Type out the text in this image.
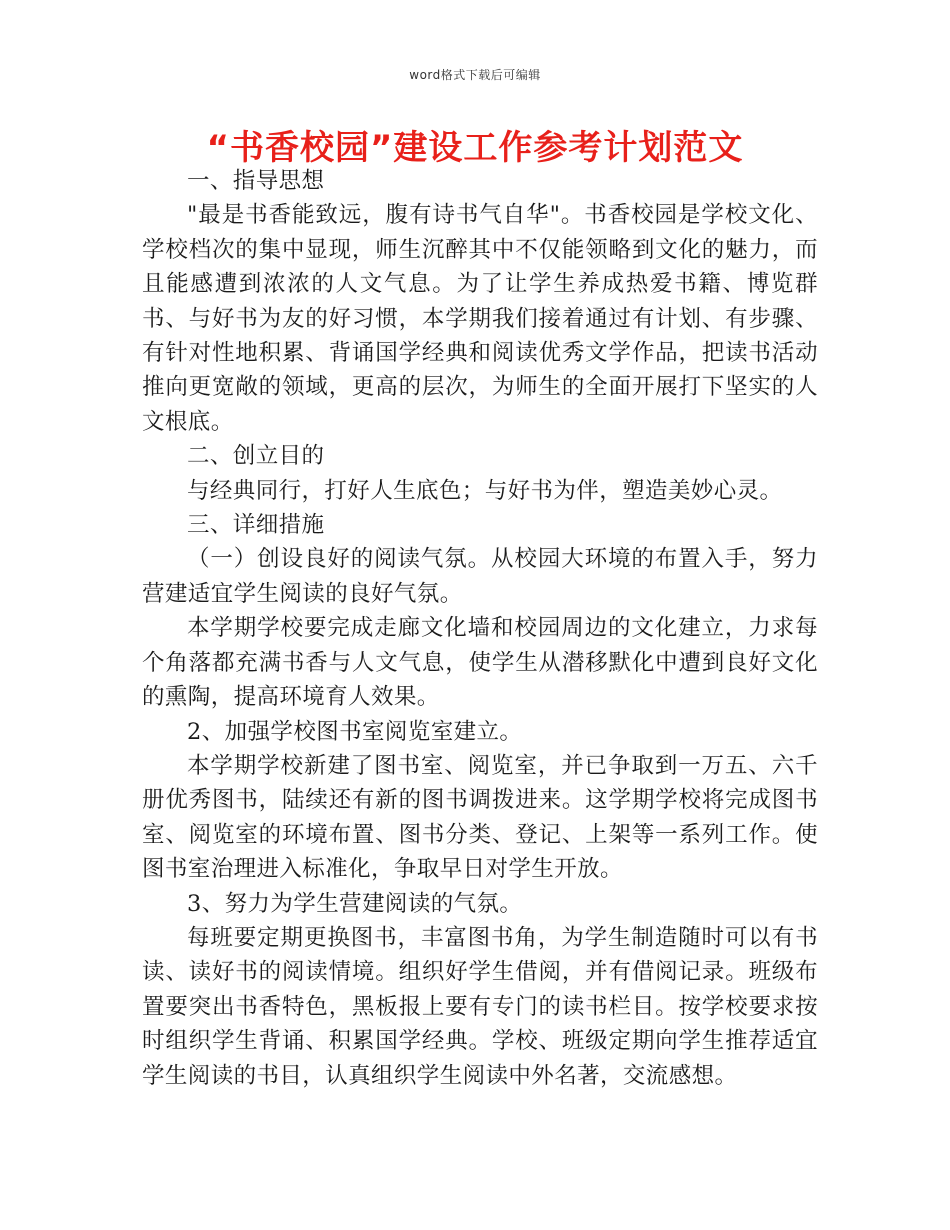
word格式下载后可编辑
“书香校园”建设工作参考计划范文

一、指导思想

"最是书香能致远，腹有诗书气自华"。书香校园是学校文化、学校档次的集中显现，师生沉醉其中不仅能领略到文化的魅力，而且能感遭到浓浓的人文气息。为了让学生养成热爱书籍、博览群书、与好书为友的好习惯，本学期我们接着通过有计划、有步骤、有针对性地积累、背诵国学经典和阅读优秀文学作品，把读书活动推向更宽敞的领域，更高的层次，为师生的全面开展打下坚实的人文根底。

二、创立目的

与经典同行，打好人生底色；与好书为伴，塑造美妙心灵。

三、详细措施

（一）创设良好的阅读气氛。从校园大环境的布置入手，努力营建适宜学生阅读的良好气氛。

本学期学校要完成走廊文化墙和校园周边的文化建立，力求每个角落都充满书香与人文气息，使学生从潜移默化中遭到良好文化的熏陶，提高环境育人效果。

2、加强学校图书室阅览室建立。

本学期学校新建了图书室、阅览室，并已争取到一万五、六千册优秀图书，陆续还有新的图书调拨进来。这学期学校将完成图书室、阅览室的环境布置、图书分类、登记、上架等一系列工作。使图书室治理进入标准化，争取早日对学生开放。

3、努力为学生营建阅读的气氛。

每班要定期更换图书，丰富图书角，为学生制造随时可以有书读、读好书的阅读情境。组织好学生借阅，并有借阅记录。班级布置要突出书香特色，黑板报上要有专门的读书栏目。按学校要求按时组织学生背诵、积累国学经典。学校、班级定期向学生推荐适宜学生阅读的书目，认真组织学生阅读中外名著，交流感想。
